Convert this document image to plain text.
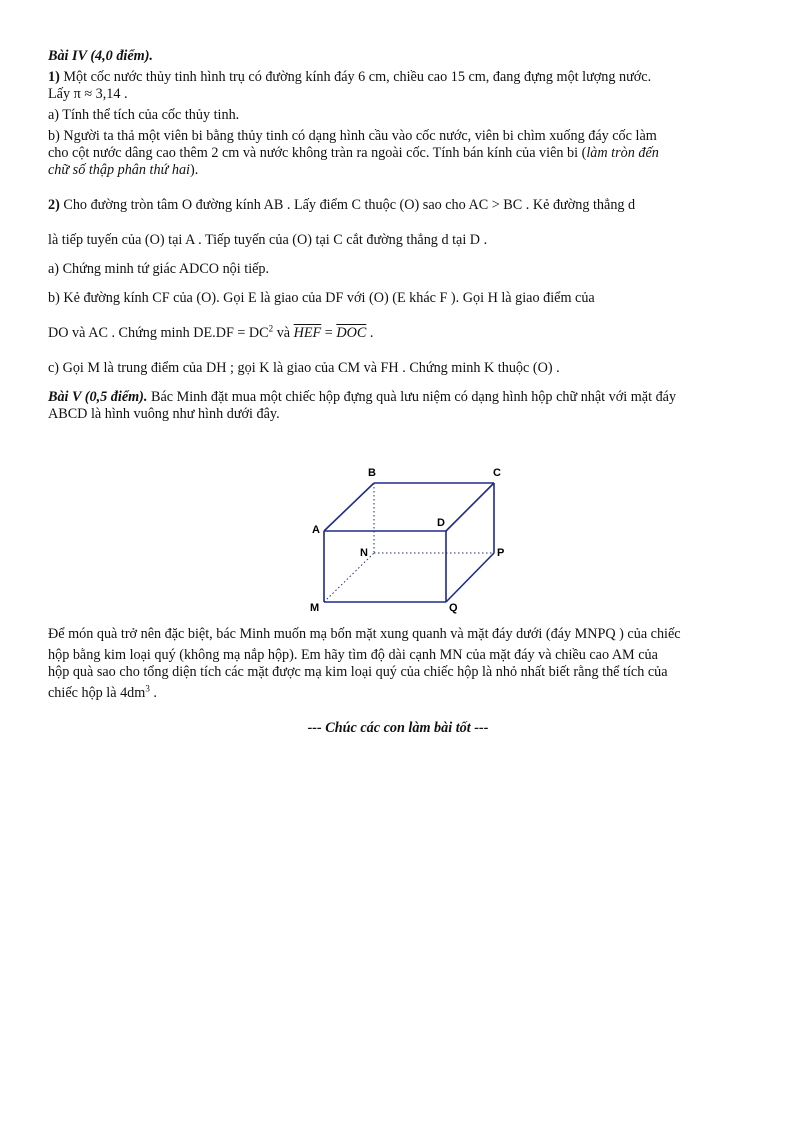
Bài IV (4,0 điểm).

1) Một cốc nước thủy tinh hình trụ có đường kính đáy 6 cm, chiều cao 15 cm, đang đựng một lượng nước.

Lấy π ≈ 3,14 .

a) Tính thể tích của cốc thủy tinh.

b) Người ta thả một viên bi bằng thủy tinh có dạng hình cầu vào cốc nước, viên bi chìm xuống đáy cốc làm

cho cột nước dâng cao thêm 2 cm và nước không tràn ra ngoài cốc. Tính bán kính của viên bi (làm tròn đến

chữ số thập phân thứ hai).

2) Cho đường tròn tâm O đường kính AB . Lấy điểm C thuộc (O) sao cho AC > BC . Kẻ đường thẳng d

là tiếp tuyến của (O) tại A . Tiếp tuyến của (O) tại C cắt đường thẳng d tại D .

a) Chứng minh tứ giác ADCO nội tiếp.

b) Kẻ đường kính CF của (O). Gọi E là giao của DF với (O) (E khác F ). Gọi H là giao điểm của

DO và AC . Chứng minh $DE.DF = DC^2$ và $\overline{HEF} = \overline{DOC}$ .

c) Gọi M là trung điểm của DH ; gọi K là giao của CM và FH . Chứng minh K thuộc (O) .

Bài V (0,5 điểm). Bác Minh đặt mua một chiếc hộp đựng quà lưu niệm có dạng hình hộp chữ nhật với mặt đáy

ABCD là hình vuông như hình dưới đây.

B	C
A
D
N	P
M	Q

Để món quà trở nên đặc biệt, bác Minh muốn mạ bốn mặt xung quanh và mặt đáy dưới (đáy MNPQ ) của chiếc

hộp bằng kim loại quý (không mạ nắp hộp). Em hãy tìm độ dài cạnh MN của mặt đáy và chiều cao AM của

hộp quà sao cho tổng diện tích các mặt được mạ kim loại quý của chiếc hộp là nhỏ nhất biết rằng thể tích của

chiếc hộp là $4dm^3$ .

--- Chúc các con làm bài tốt ---
